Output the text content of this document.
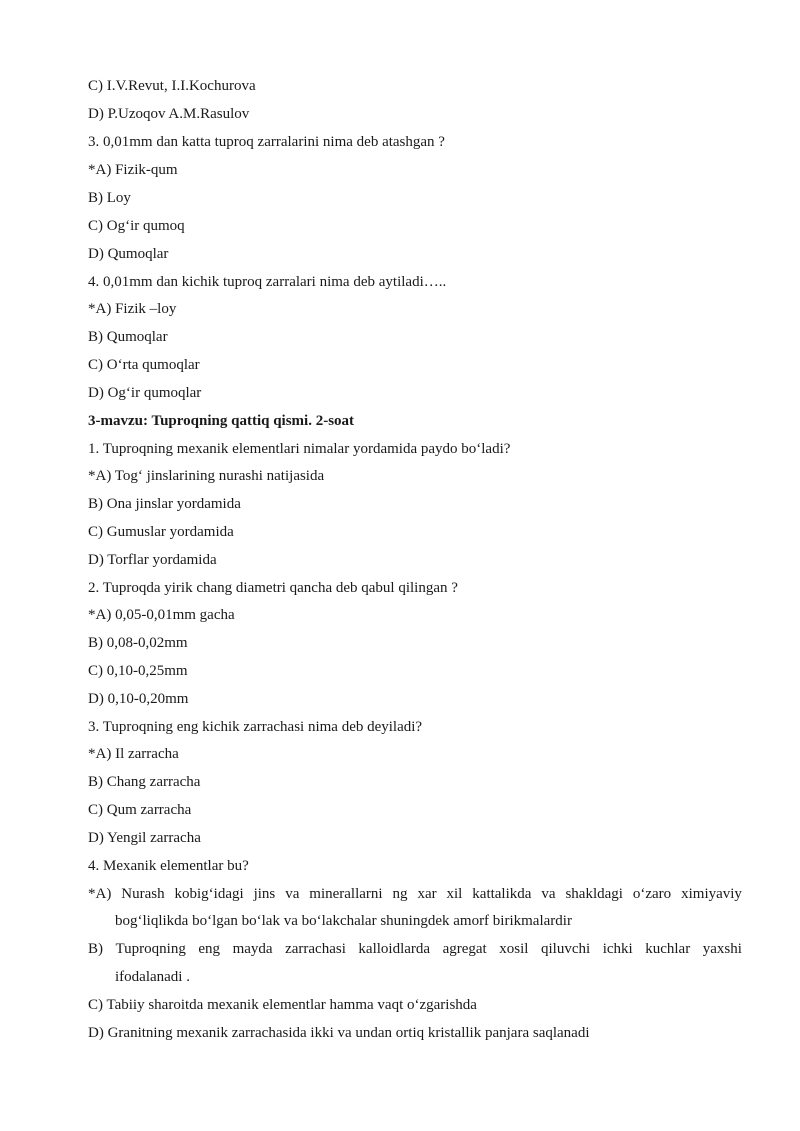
C) I.V.Revut, I.I.Kochurova
D) P.Uzoqov A.M.Rasulov
3. 0,01mm dan katta tuproq zarralarini nima deb atashgan ?
*A) Fizik-qum
B) Loy
C) Og‘ir qumoq
D) Qumoqlar
4. 0,01mm dan kichik tuproq zarralari nima deb aytiladi…..
*A) Fizik –loy
B) Qumoqlar
C) O‘rta qumoqlar
D) Og‘ir qumoqlar
3-mavzu: Tuproqning qattiq qismi. 2-soat
1. Tuproqning mexanik elementlari nimalar yordamida paydo bo‘ladi?
*A) Tog‘ jinslarining nurashi natijasida
B) Ona jinslar yordamida
C) Gumuslar yordamida
D) Torflar yordamida
2. Tuproqda yirik chang diametri qancha deb qabul qilingan ?
*A) 0,05-0,01mm gacha
B) 0,08-0,02mm
C) 0,10-0,25mm
D) 0,10-0,20mm
3. Tuproqning eng kichik zarrachasi nima deb deyiladi?
*A) Il zarracha
B) Chang zarracha
C) Qum zarracha
D) Yengil zarracha
4. Mexanik elementlar bu?
*A) Nurash kobig‘idagi jins va minerallarni ng xar xil kattalikda va shakldagi o‘zaro ximiyaviy
bog‘liqlikda bo‘lgan bo‘lak va bo‘lakchalar shuningdek amorf birikmalardir
B) Tuproqning eng mayda zarrachasi kalloidlarda agregat xosil qiluvchi ichki kuchlar yaxshi
ifodalanadi .
C) Tabiiy sharoitda mexanik elementlar hamma vaqt o‘zgarishda
D) Granitning mexanik zarrachasida ikki va undan ortiq kristallik panjara saqlanadi
